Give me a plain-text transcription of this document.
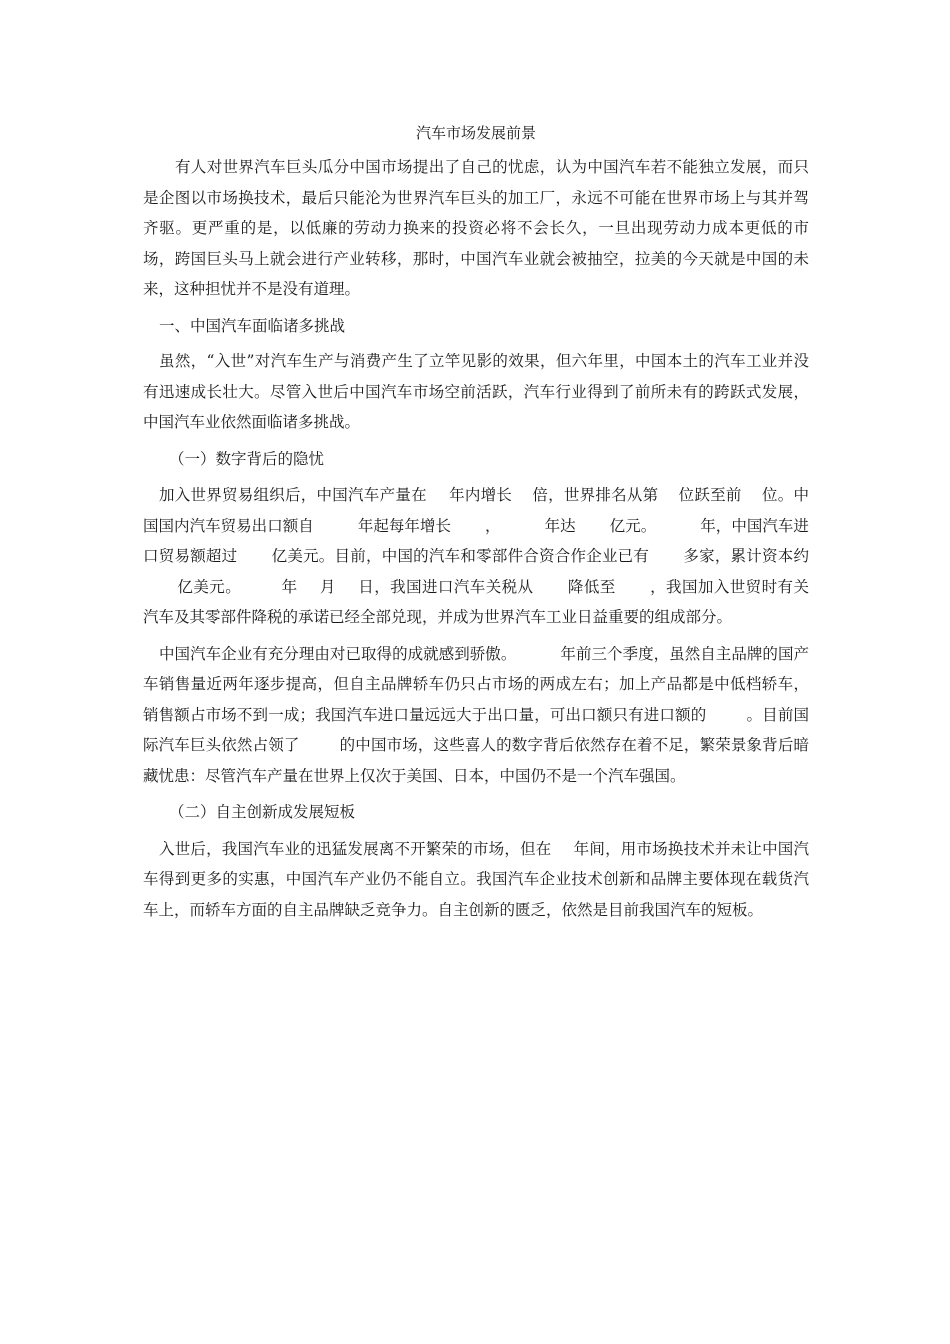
汽车市场发展前景

有人对世界汽车巨头瓜分中国市场提出了自己的忧虑，认为中国汽车若不能独立发展，而只是企图以市场换技术，最后只能沦为世界汽车巨头的加工厂，永远不可能在世界市场上与其并驾齐驱。更严重的是，以低廉的劳动力换来的投资必将不会长久，一旦出现劳动力成本更低的市场，跨国巨头马上就会进行产业转移，那时，中国汽车业就会被抽空，拉美的今天就是中国的未来，这种担忧并不是没有道理。

一、中国汽车面临诸多挑战

虽然，“入世”对汽车生产与消费产生了立竿见影的效果，但六年里，中国本土的汽车工业并没有迅速成长壮大。尽管入世后中国汽车市场空前活跃，汽车行业得到了前所未有的跨跃式发展，中国汽车业依然面临诸多挑战。

（一）数字背后的隐忧

加入世界贸易组织后，中国汽车产量在 年内增长 倍，世界排名从第 位跃至前 位。中国国内汽车贸易出口额自	年起每年增长 ，	年达 亿元。	年，中国汽车进口贸易额超过 亿美元。目前，中国的汽车和零部件合资合作企业已有 多家，累计资本约亿美元。	年 月 日，我国进口汽车关税从 降低至 ，我国加入世贸时有关汽车及其零部件降税的承诺已经全部兑现，并成为世界汽车工业日益重要的组成部分。

中国汽车企业有充分理由对已取得的成就感到骄傲。	年前三个季度，虽然自主品牌的国产车销售量近两年逐步提高，但自主品牌轿车仍只占市场的两成左右；加上产品都是中低档轿车，销售额占市场不到一成；我国汽车进口量远远大于出口量，可出口额只有进口额的	。目前国际汽车巨头依然占领了	的中国市场，这些喜人的数字背后依然存在着不足，繁荣景象背后暗藏忧患：尽管汽车产量在世界上仅次于美国、日本，中国仍不是一个汽车强国。

（二）自主创新成发展短板

入世后，我国汽车业的迅猛发展离不开繁荣的市场，但在 年间，用市场换技术并未让中国汽车得到更多的实惠，中国汽车产业仍不能自立。我国汽车企业技术创新和品牌主要体现在载货汽车上，而轿车方面的自主品牌缺乏竞争力。自主创新的匮乏，依然是目前我国汽车的短板。
